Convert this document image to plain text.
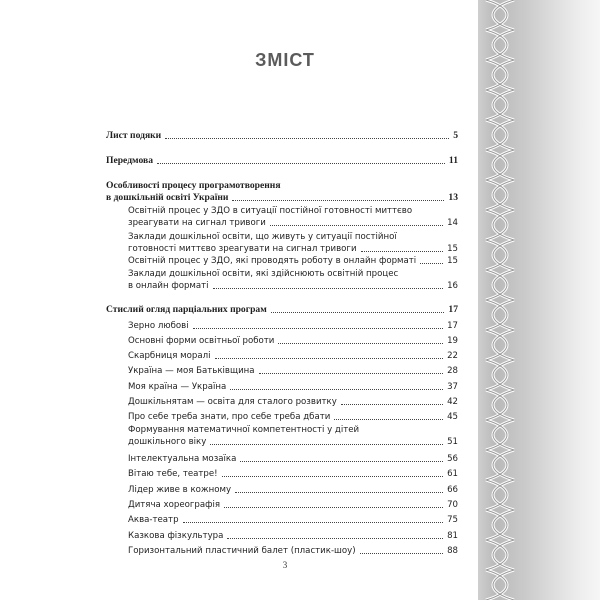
ЗМІСТ
Лист подяки	5
Передмова	11
Особливості процесу програмотворення
в дошкільній освіті України	13
Освітній процес у ЗДО в ситуації постійної готовності миттєво
зреагувати на сигнал тривоги	14
Заклади дошкільної освіти, що живуть у ситуації постійної
готовності миттєво зреагувати на сигнал тривоги	15
Освітній процес у ЗДО, які проводять роботу в онлайн форматі	15
Заклади дошкільної освіти, які здійснюють освітній процес
в онлайн форматі	16
Стислий огляд парціальних програм	17
Зерно любові	17
Основні форми освітньої роботи	19
Скарбниця моралі	22
Україна — моя Батьківщина	28
Моя країна — Україна	37
Дошкільнятам — освіта для сталого розвитку	42
Про себе треба знати, про себе треба дбати	45
Формування математичної компетентності у дітей
дошкільного віку	51
Інтелектуальна мозаїка	56
Вітаю тебе, театре!	61
Лідер живе в кожному	66
Дитяча хореографія	70
Аква-театр	75
Казкова фізкультура	81
Горизонтальний пластичний балет (пластик-шоу)	88
3
